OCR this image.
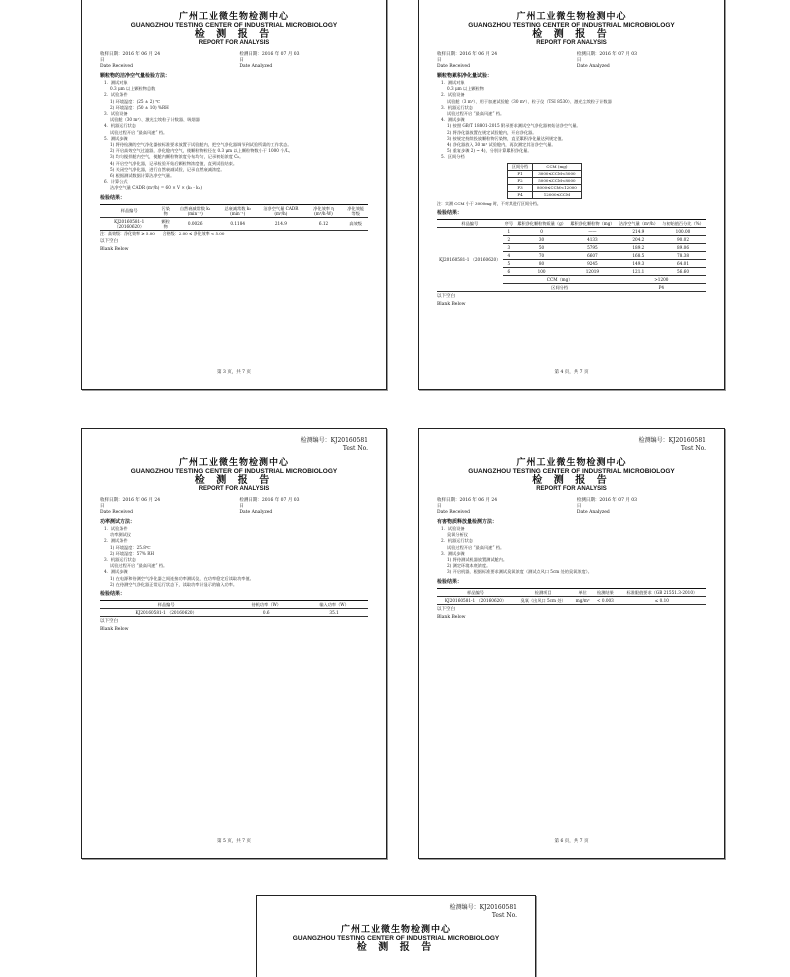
广州工业微生物检测中心
GUANGZHOU TESTING CENTER OF INDUSTRIAL MICROBIOLOGY
检 测 报 告
REPORT FOR ANALYSIS
收样日期：2016 年 06 月 24 日
Date Received
检测日期：2016 年 07 月 03 日
Date Analyzed
颗粒物的洁净空气量检验方法：
1．测试对象
0.3 μm 以上颗粒物总数
2．试验条件
1) 环境温度：(25 ± 2) ℃
2) 环境湿度：(50 ± 10) %RH
3．试验设备
试验舱（30 m³）、激光尘埃粒子计数器、吸烟器
4．机器运行状态
试验过程开启 “最高风速” 档。
5．测试步骤
1) 将待检测的空气净化器按标准要求放置于试验舱内，把空气净化器调节到试验所需的工作状态。
2) 开启高效空气过滤器，净化舱内空气，使颗粒物粒径在 0.3 μm 以上颗粒物数小于 1000 个/L。
3) 均匀搅拌舱内空气，使舱内颗粒物浓度分布均匀，记录初始浓度 C₀。
4) 开启空气净化器，记录检验开始后颗粒物浓度值，直到试验结束。
5) 关闭空气净化器，进行自然衰减试验，记录自然衰减浓度。
6) 根据测试数据计算洁净空气量。
6．计算公式
洁净空气量 CADR (m³/h) = 60 × V × (k₂ - k₁)
检验结果：
样品编号	污染物	自然衰减常数 k₁ (min⁻¹)	总衰减常数 k₂ (min⁻¹)	洁净空气量 CADR (m³/h)	净化效率 η (m³/h·W)	净化效能等级
KJ20160581-1 （20160620）	颗粒物	0.0026	0.1184	214.9	6.12	高效级
注：高效级：净化效率 ≥ 5.00　　合格级：2.00 ≤ 净化效率 < 5.00
以下空白
Blank Below
第 3 页，共 7 页
广州工业微生物检测中心
GUANGZHOU TESTING CENTER OF INDUSTRIAL MICROBIOLOGY
检 测 报 告
REPORT FOR ANALYSIS
收样日期：2016 年 06 月 24 日
Date Received
检测日期：2016 年 07 月 03 日
Date Analyzed
颗粒物累积净化量试验：
1．测试对象
0.3 μm 以上颗粒物
2．试验设备
试验舱（3 m³）、用于加速试验舱（30 m³）、粒子仪（TSI 8530）、激光尘埃粒子计数器
3．机器运行状态
试验过程开启 “最高风速” 档。
4．测试步骤
1) 按照 GB/T 18801-2015 附录要求测试空气净化器初始洁净空气量。
2) 将净化器放置在规定试验舱内，开启净化器。
3) 按规定持续投放颗粒物污染物，直至累积净化量达到规定值。
4) 净化器放入 30 m³ 试验舱内，再次测定其洁净空气量。
5) 重复步骤 2) ~ 4)，分别计算累积净化量。
5．区间分档
区间分档	CCM (mg)
P1	3000≤CCM<5000
P2	5000≤CCM<8000
P3	8000≤CCM<12000
P4	12000≤CCM
注：实测 CCM 小于 3000mg 时，不对其进行区间分档。
检验结果：
样品编号	序号	累积净化颗粒物质量（g）	累积净化颗粒物（mg）	洁净空气量（m³/h）	与初始值百分比（%）
KJ20160581-1 （20160620）	1	0	——	214.9	100.00
	2	30	4133	204.2	90.02
	3	50	5795	189.2	89.06
	4	70	6607	168.5	78.38
	5	80	9245	149.3	64.01
	6	100	12019	121.1	56.60
	CCM（mg）			>1200	
	区间分档			P4	
以下空白
Blank Below
第 4 页，共 7 页
检测编号：KJ20160581
Test No.
广州工业微生物检测中心
GUANGZHOU TESTING CENTER OF INDUSTRIAL MICROBIOLOGY
检 测 报 告
REPORT FOR ANALYSIS
收样日期：2016 年 06 月 24 日
Date Received
检测日期：2016 年 07 月 03 日
Date Analyzed
功率测试方法：
1．试验条件
功率测试仪
2．测试条件
1) 环境温度：25.8℃
2) 环境湿度：57% RH
3．机器运行状态
试验过程开启 “最高风速” 档。
4．测试步骤
1) 在电源和待测空气净化器之间连接功率测试仪，在功率稳定后读取功率值。
2) 在待测空气净化器正常运行状态下，读取功率计显示的输入功率。
检验结果：
样品编号	待机功率（W）	输入功率（W）
KJ20160581-1 （20160620）	0.6	35.1
以下空白
Blank Below
第 5 页，共 7 页
检测编号：KJ20160581
Test No.
广州工业微生物检测中心
GUANGZHOU TESTING CENTER OF INDUSTRIAL MICROBIOLOGY
检 测 报 告
REPORT FOR ANALYSIS
收样日期：2016 年 06 月 24 日
Date Received
检测日期：2016 年 07 月 03 日
Date Analyzed
有害物质释放量检测方法：
1．试验设备
臭氧分析仪
2．机器运行状态
试验过程开启 “最高风速” 档。
3．测试步骤
1) 将待测试机器放置测试舱内。
2) 测定环境本底浓度。
3) 开启机器，根据标准要求测试臭氧浓度（测试点风口 5cm 处的臭氧浓度）。
检验结果：
样品编号	检测项目	单位	检测结果	标准限值要求（GB 21551.3-2010）
KJ20160581-1 （20160620）	臭氧（出风口 5cm 处）	mg/m³	< 0.003	≤ 0.10
以下空白
Blank Below
第 6 页，共 7 页
检测编号：KJ20160581
Test No.
广州工业微生物检测中心
GUANGZHOU TESTING CENTER OF INDUSTRIAL MICROBIOLOGY
检 测 报 告
